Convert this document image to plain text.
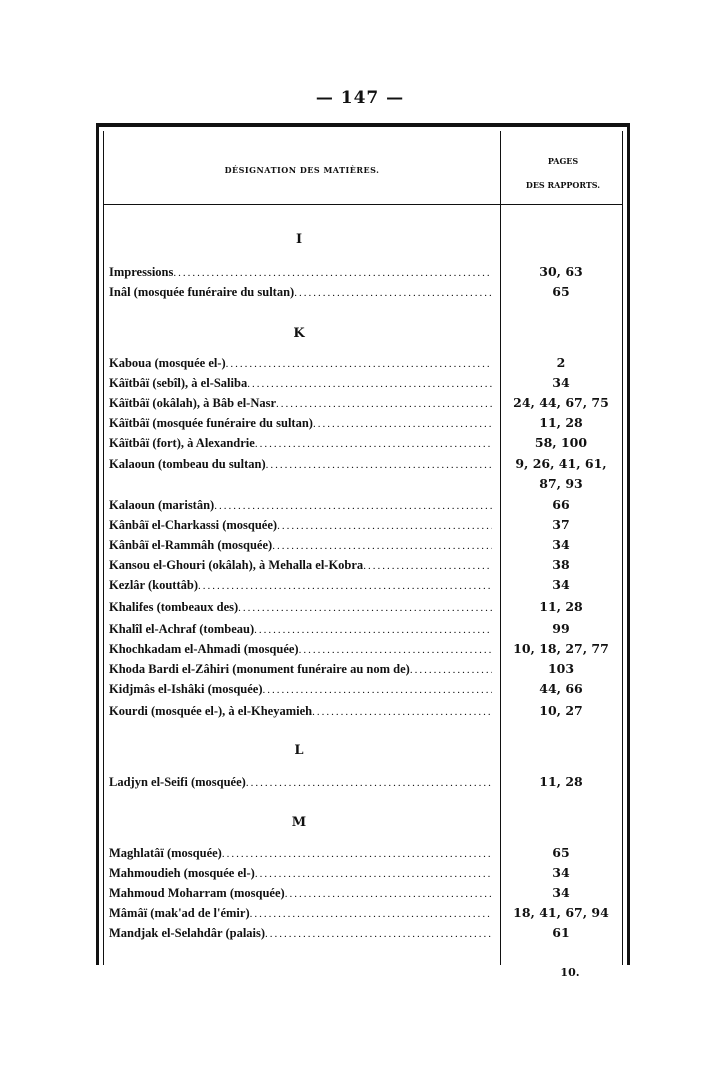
— 147 —
DÉSIGNATION DES MATIÈRES.
PAGES
DES RAPPORTS.
I
Impressions .....	30, 63
Inâl (mosquée funéraire du sultan) .....	65
K
Kaboua (mosquée el-) .....	2
Kâïtbâï (sebîl), à el-Saliba .....	34
Kâïtbâï (okâlah), à Bâb el-Nasr .....	24, 44, 67, 75
Kâïtbâï (mosquée funéraire du sultan) .....	11, 28
Kâïtbâï (fort), à Alexandrie .....	58, 100
Kalaoun (tombeau du sultan) .....	9, 26, 41, 61,
87, 93
Kalaoun (maristân) .....	66
Kânbâï el-Charkassi (mosquée) .....	37
Kânbâï el-Rammâh (mosquée) .....	34
Kansou el-Ghouri (okâlah), à Mehalla el-Kobra .....	38
Kezlâr (kouttâb) .....	34
Khalifes (tombeaux des) .....	11, 28
Khalîl el-Achraf (tombeau) .....	99
Khochkadam el-Ahmadi (mosquée) .....	10, 18, 27, 77
Khoda Bardi el-Zâhiri (monument funéraire au nom de) .....	103
Kidjmâs el-Ishâki (mosquée) .....	44, 66
Kourdi (mosquée el-), à el-Kheyamieh .....	10, 27
L
Ladjyn el-Seifi (mosquée) .....	11, 28
M
Maghlatâï (mosquée) .....	65
Mahmoudieh (mosquée el-) .....	34
Mahmoud Moharram (mosquée) .....	34
Mâmâï (mak'ad de l'émir) .....	18, 41, 67, 94
Mandjak el-Selahdâr (palais) .....	61
10.
